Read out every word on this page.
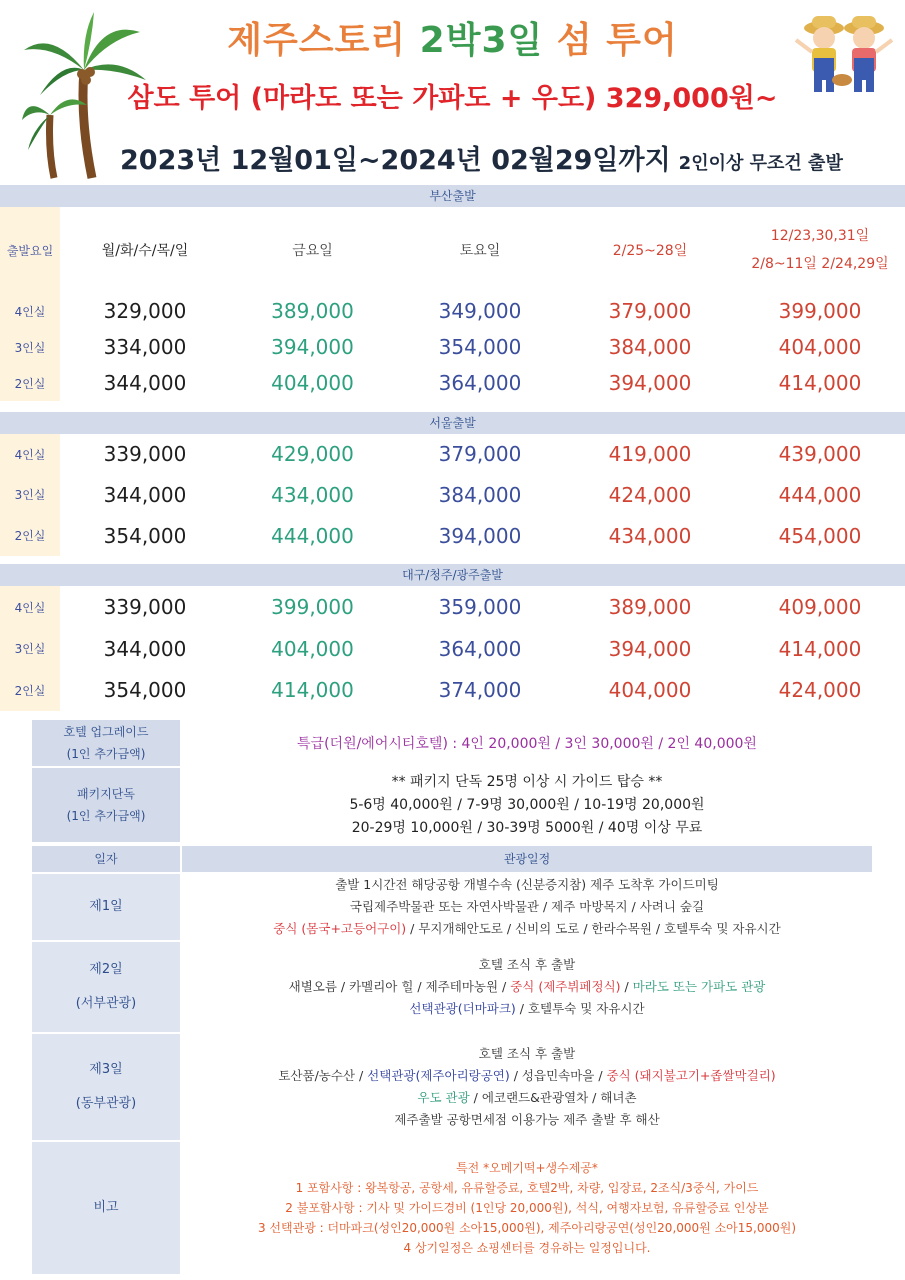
제주스토리 2박3일 섬 투어
삼도 투어 (마라도 또는 가파도 + 우도) 329,000원~
2023년 12월01일~2024년 02월29일까지 2인이상 무조건 출발
부산출발
출발요일	월/화/수/목/일	금요일	토요일	2/25~28일
12/23,30,31일
2/8~11일 2/24,29일
4인실	329,000	389,000	349,000	379,000	399,000
3인실	334,000	394,000	354,000	384,000	404,000
2인실	344,000	404,000	364,000	394,000	414,000
서울출발
4인실	339,000	429,000	379,000	419,000	439,000
3인실	344,000	434,000	384,000	424,000	444,000
2인실	354,000	444,000	394,000	434,000	454,000
대구/청주/광주출발
4인실	339,000	399,000	359,000	389,000	409,000
3인실	344,000	404,000	364,000	394,000	414,000
2인실	354,000	414,000	374,000	404,000	424,000
호텔 업그레이드
(1인 추가금액)
특급(더원/에어시티호텔) : 4인 20,000원 / 3인 30,000원 / 2인 40,000원
패키지단독
(1인 추가금액)
** 패키지 단독 25명 이상 시 가이드 탑승 **
5-6명 40,000원 / 7-9명 30,000원 / 10-19명 20,000원
20-29명 10,000원 / 30-39명 5000원 / 40명 이상 무료
일자	관광일정
제1일
출발 1시간전 해당공항 개별수속 (신분증지참) 제주 도착후 가이드미팅
국립제주박물관 또는 자연사박물관 / 제주 마방목지 / 사려니 숲길
중식 (몸국+고등어구이) / 무지개해안도로 / 신비의 도로 / 한라수목원 / 호텔투숙 및 자유시간
제2일
(서부관광)
호텔 조식 후 출발
새별오름 / 카멜리아 힐 / 제주테마농원 / 중식 (제주뷔페정식) / 마라도 또는 가파도 관광
선택관광(더마파크) / 호텔투숙 및 자유시간
제3일
(동부관광)
호텔 조식 후 출발
토산품/농수산 / 선택관광(제주아리랑공연) / 성읍민속마을 / 중식 (돼지불고기+좁쌀막걸리)
우도 관광 / 에코랜드&관광열차 / 해녀촌
제주출발 공항면세점 이용가능 제주 출발 후 해산
비고
특전 *오메기떡+생수제공*
1 포함사항 : 왕복항공, 공항세, 유류할증료, 호텔2박, 차량, 입장료, 2조식/3중식, 가이드
2 불포함사항 : 기사 및 가이드경비 (1인당 20,000원), 석식, 여행자보험, 유류할증료 인상분
3 선택관광 : 더마파크(성인20,000원 소아15,000원), 제주아리랑공연(성인20,000원 소아15,000원)
4 상기일정은 쇼핑센터를 경유하는 일정입니다.
